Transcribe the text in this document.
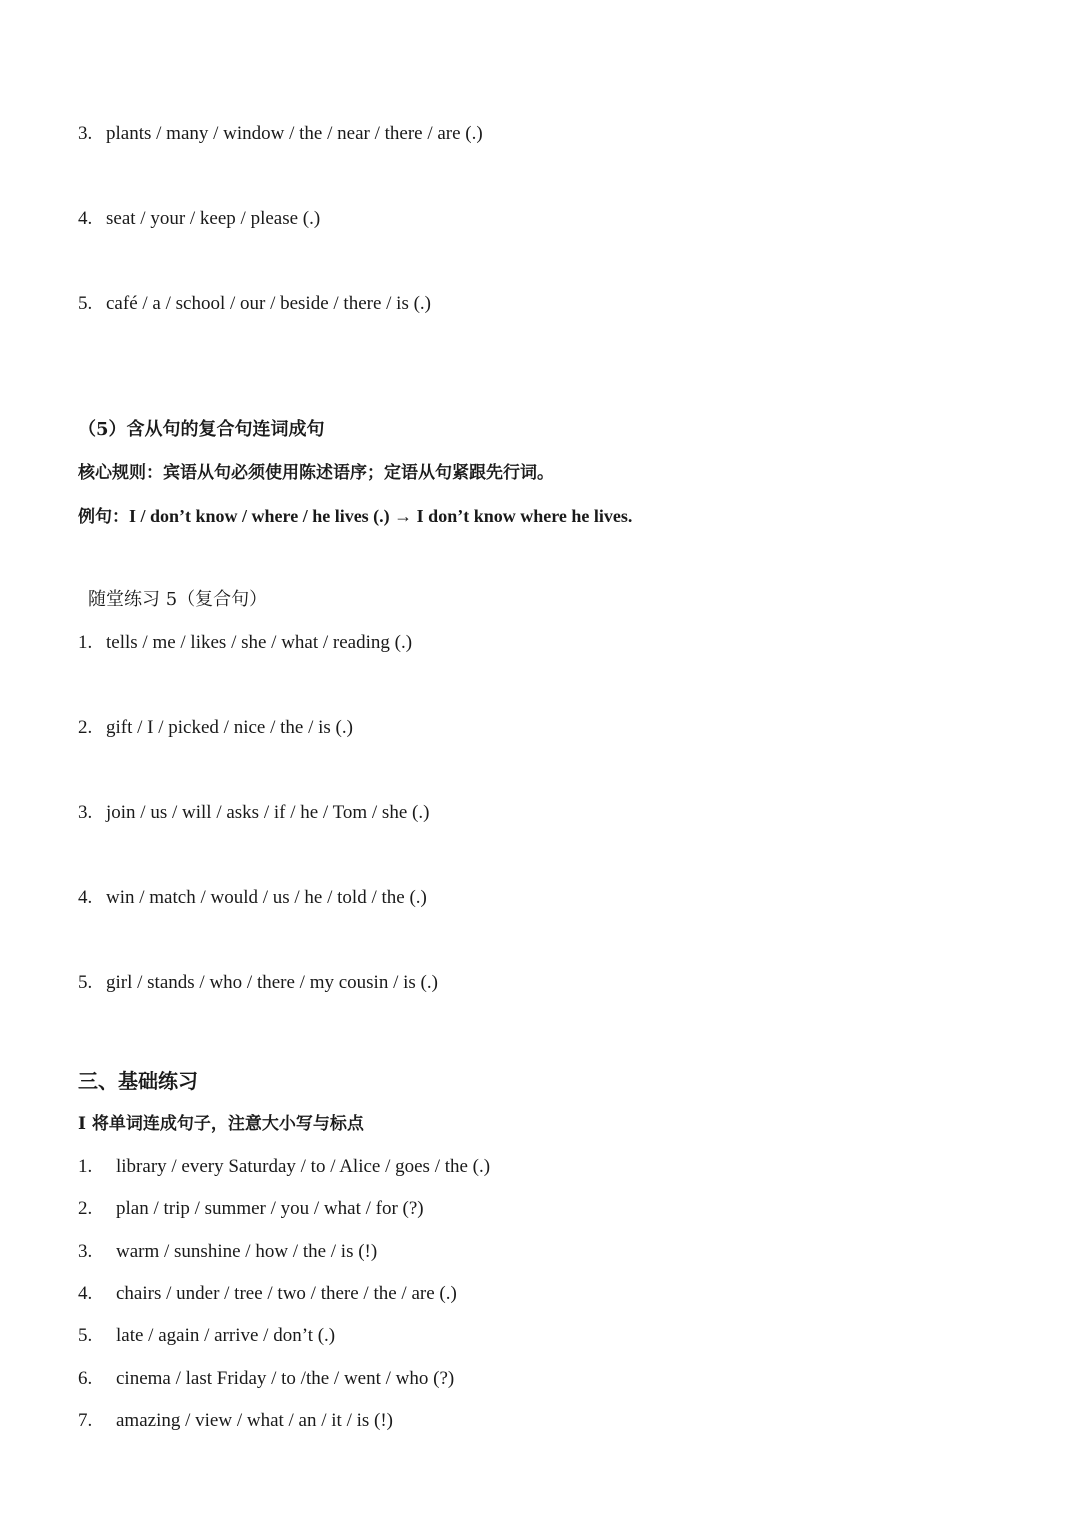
3. plants / many / window / the / near / there / are (.)
4. seat / your / keep / please (.)
5. café / a / school / our / beside / there / is (.)
（5）含从句的复合句连词成句
核心规则：宾语从句必须使用陈述语序；定语从句紧跟先行词。
例句：I / don’t know / where / he lives (.) → I don’t know where he lives.
随堂练习 5（复合句）
1. tells / me / likes / she / what / reading (.)
2. gift / I / picked / nice / the / is (.)
3. join / us / will / asks / if / he / Tom / she (.)
4. win / match / would / us / he / told / the (.)
5. girl / stands / who / there / my cousin / is (.)
三、基础练习
I 将单词连成句子，注意大小写与标点
1. library / every Saturday / to / Alice / goes / the (.)
2. plan / trip / summer / you / what / for (?)
3. warm / sunshine / how / the / is (!)
4. chairs / under / tree / two / there / the / are (.)
5. late / again / arrive / don’t (.)
6. cinema / last Friday / to /the / went / who (?)
7. amazing / view / what / an / it / is (!)
